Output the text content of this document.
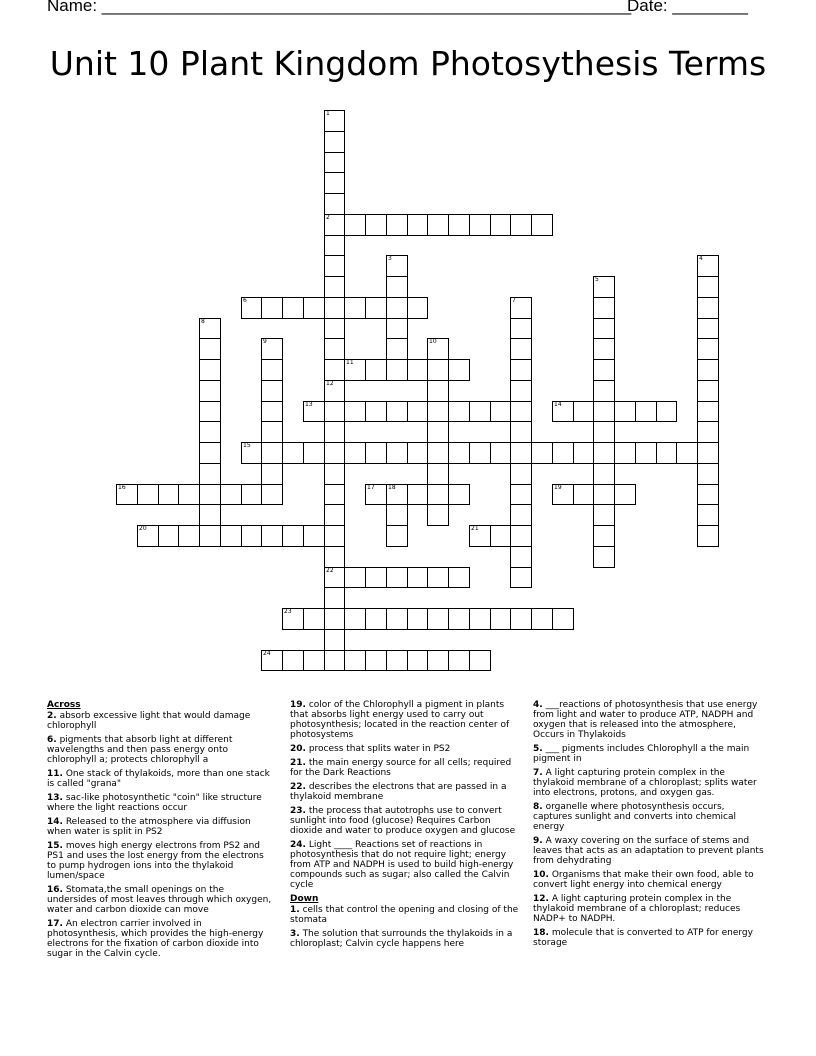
Name: ________________________________________________________
Date: ________
Unit 10 Plant Kingdom Photosythesis Terms
1
2
12
22
3	4
5
6	7
8
9	10
11
13	14
15
16	17 18	19
20	21
23
24
Across
2. absorb excessive light that would damage chlorophyll
6. pigments that absorb light at different wavelengths and then pass energy onto chlorophyll a; protects chlorophyll a
11. One stack of thylakoids, more than one stack is called "grana"
13. sac-like photosynthetic "coin" like structure where the light reactions occur
14. Released to the atmosphere via diffusion when water is split in PS2
15. moves high energy electrons from PS2 and PS1 and uses the lost energy from the electrons to pump hydrogen ions into the thylakoid lumen/space
16. Stomata,the small openings on the undersides of most leaves through which oxygen, water and carbon dioxide can move
17. An electron carrier involved in photosynthesis, which provides the high-energy electrons for the fixation of carbon dioxide into sugar in the Calvin cycle.
19. color of the Chlorophyll a pigment in plants that absorbs light energy used to carry out photosynthesis; located in the reaction center of photosystems
20. process that splits water in PS2
21. the main energy source for all cells; required for the Dark Reactions
22. describes the electrons that are passed in a thylakoid membrane
23. the process that autotrophs use to convert sunlight into food (glucose) Requires Carbon dioxide and water to produce oxygen and glucose
24. Light ____ Reactions set of reactions in photosynthesis that do not require light; energy from ATP and NADPH is used to build high-energy compounds such as sugar; also called the Calvin cycle
Down
1. cells that control the opening and closing of the stomata
3. The solution that surrounds the thylakoids in a chloroplast; Calvin cycle happens here
4. ___reactions of photosynthesis that use energy from light and water to produce ATP, NADPH and oxygen that is released into the atmosphere, Occurs in Thylakoids
5. ___ pigments includes Chlorophyll a the main pigment in
7. A light capturing protein complex in the thylakoid membrane of a chloroplast; splits water into electrons, protons, and oxygen gas.
8. organelle where photosynthesis occurs, captures sunlight and converts into chemical energy
9. A waxy covering on the surface of stems and leaves that acts as an adaptation to prevent plants from dehydrating
10. Organisms that make their own food, able to convert light energy into chemical energy
12. A light capturing protein complex in the thylakoid membrane of a chloroplast; reduces NADP+ to NADPH.
18. molecule that is converted to ATP for energy storage
